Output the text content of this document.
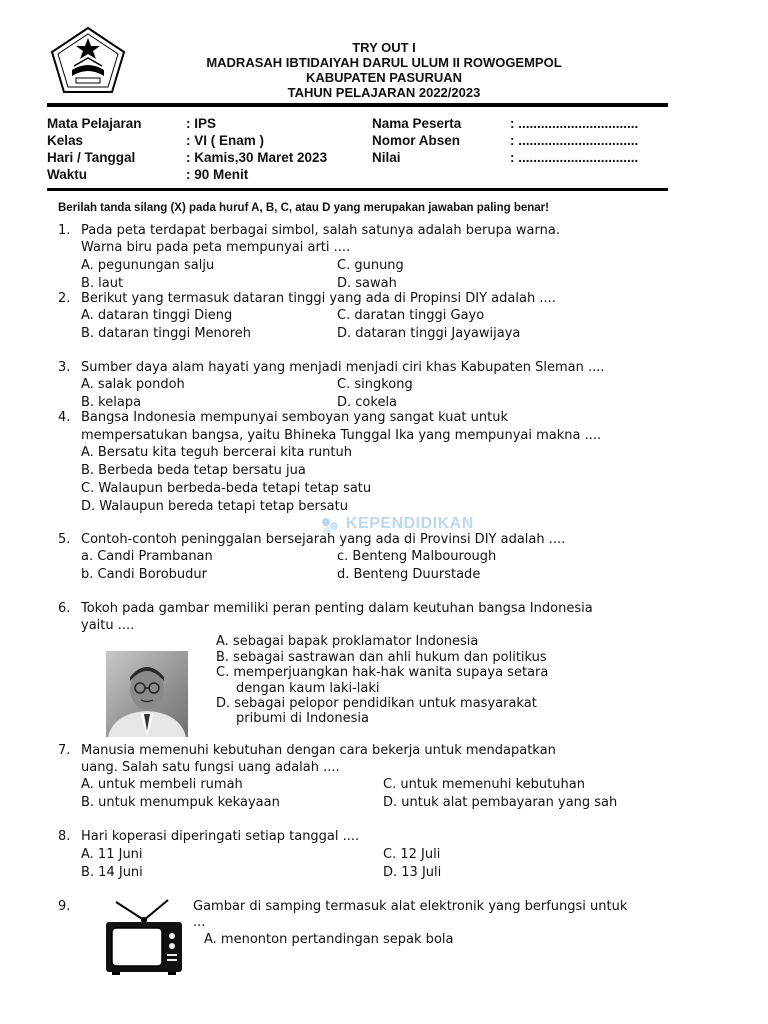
TRY OUT I
MADRASAH IBTIDAIYAH DARUL ULUM II ROWOGEMPOL
KABUPATEN PASURUAN
TAHUN PELAJARAN 2022/2023
Mata Pelajaran	: IPS
Kelas	: VI ( Enam )
Hari / Tanggal	: Kamis,30 Maret 2023
Waktu	: 90 Menit
Nama Peserta	: ................................
Nomor Absen	: ................................
Nilai	: ................................
Berilah tanda silang (X) pada huruf A, B, C, atau D yang merupakan jawaban paling benar!
1. Pada peta terdapat berbagai simbol, salah satunya adalah berupa warna.
Warna biru pada peta mempunyai arti ....
A. pegunungan salju	C. gunung
B. laut	D. sawah
2. Berikut yang termasuk dataran tinggi yang ada di Propinsi DIY adalah ....
A. dataran tinggi Dieng	C. daratan tinggi Gayo
B. dataran tinggi Menoreh	D. dataran tinggi Jayawijaya
3. Sumber daya alam hayati yang menjadi menjadi ciri khas Kabupaten Sleman ....
A. salak pondoh	C. singkong
B. kelapa	D. cokela
4. Bangsa Indonesia mempunyai semboyan yang sangat kuat untuk
mempersatukan bangsa, yaitu Bhineka Tunggal Ika yang mempunyai makna ....
A. Bersatu kita teguh bercerai kita runtuh
B. Berbeda beda tetap bersatu jua
C. Walaupun berbeda-beda tetapi tetap satu
D. Walaupun bereda tetapi tetap bersatu
KEPENDIDIKAN
5. Contoh-contoh peninggalan bersejarah yang ada di Provinsi DIY adalah ....
a. Candi Prambanan	c. Benteng Malbourough
b. Candi Borobudur	d. Benteng Duurstade
6. Tokoh pada gambar memiliki peran penting dalam keutuhan bangsa Indonesia
yaitu ....
A. sebagai bapak proklamator Indonesia
B. sebagai sastrawan dan ahli hukum dan politikus
C. memperjuangkan hak-hak wanita supaya setara
dengan kaum laki-laki
D. sebagai pelopor pendidikan untuk masyarakat
pribumi di Indonesia
7. Manusia memenuhi kebutuhan dengan cara bekerja untuk mendapatkan
uang. Salah satu fungsi uang adalah ....
A. untuk membeli rumah	C. untuk memenuhi kebutuhan
B. untuk menumpuk kekayaan	D. untuk alat pembayaran yang sah
8. Hari koperasi diperingati setiap tanggal ....
A. 11 Juni	C. 12 Juli
B. 14 Juni	D. 13 Juli
9.	Gambar di samping termasuk alat elektronik yang berfungsi untuk
...
A. menonton pertandingan sepak bola
